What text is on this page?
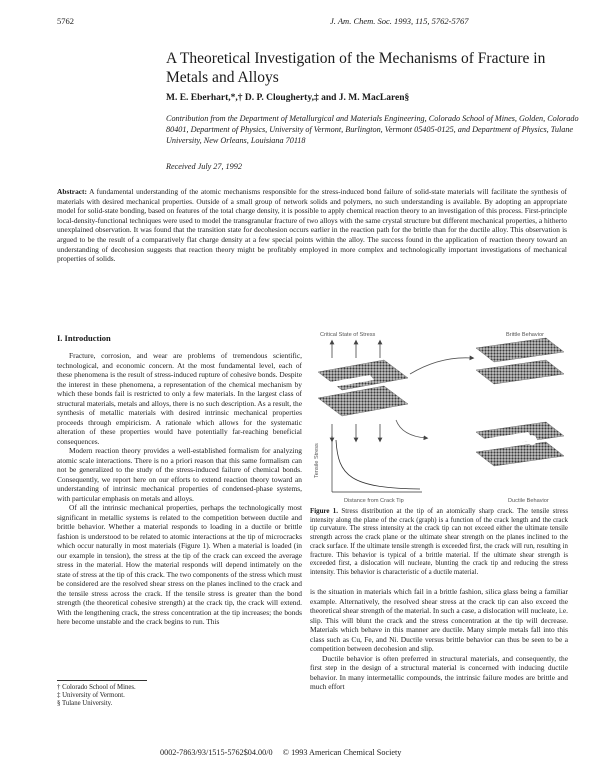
5762	J. Am. Chem. Soc. 1993, 115, 5762-5767
A Theoretical Investigation of the Mechanisms of Fracture in Metals and Alloys
M. E. Eberhart,*,† D. P. Clougherty,‡ and J. M. MacLaren§
Contribution from the Department of Metallurgical and Materials Engineering, Colorado School of Mines, Golden, Colorado 80401, Department of Physics, University of Vermont, Burlington, Vermont 05405-0125, and Department of Physics, Tulane University, New Orleans, Louisiana 70118
Received July 27, 1992
Abstract: A fundamental understanding of the atomic mechanisms responsible for the stress-induced bond failure of solid-state materials will facilitate the synthesis of materials with desired mechanical properties. Outside of a small group of network solids and polymers, no such understanding is available. By adopting an appropriate model for solid-state bonding, based on features of the total charge density, it is possible to apply chemical reaction theory to an investigation of this process. First-principle local-density-functional techniques were used to model the transgranular fracture of two alloys with the same crystal structure but different mechanical properties, a hitherto unexplained observation. It was found that the transition state for decohesion occurs earlier in the reaction path for the brittle than for the ductile alloy. This observation is argued to be the result of a comparatively flat charge density at a few special points within the alloy. The success found in the application of reaction theory toward an understanding of decohesion suggests that reaction theory might be profitably employed in more complex and technologically important investigations of mechanical properties of solids.
I. Introduction

Fracture, corrosion, and wear are problems of tremendous scientific, technological, and economic concern. At the most fundamental level, each of these phenomena is the result of stress-induced rupture of cohesive bonds. Despite the interest in these phenomena, a representation of the chemical mechanism by which these bonds fail is restricted to only a few materials. In the largest class of structural materials, metals and alloys, there is no such description. As a result, the synthesis of metallic materials with desired intrinsic mechanical properties proceeds through empiricism. A rationale which allows for the systematic alteration of these properties would have potentially far-reaching beneficial consequences.

Modern reaction theory provides a well-established formalism for analyzing atomic scale interactions. There is no a priori reason that this same formalism can not be generalized to the study of the stress-induced failure of chemical bonds. Consequently, we report here on our efforts to extend reaction theory toward an understanding of intrinsic mechanical properties of condensed-phase systems, with particular emphasis on metals and alloys.

Of all the intrinsic mechanical properties, perhaps the technologically most significant in metallic systems is related to the competition between ductile and brittle behavior. Whether a material responds to loading in a ductile or brittle fashion is understood to be related to atomic interactions at the tip of microcracks which occur naturally in most materials (Figure 1). When a material is loaded (in our example in tension), the stress at the tip of the crack can exceed the average stress in the material. How the material responds will depend intimately on the state of stress at the tip of this crack. The two components of the stress which must be considered are the resolved shear stress on the planes inclined to the crack and the tensile stress across the crack. If the tensile stress is greater than the bond strength (the theoretical cohesive strength) at the crack tip, the crack will extend. With the lengthening crack, the stress concentration at the tip increases; the bonds here become unstable and the crack begins to run. This

Critical State of Stress	Brittle Behavior
Tensile Stress
Distance from Crack Tip	Ductile Behavior
Figure 1. Stress distribution at the tip of an atomically sharp crack. The tensile stress intensity along the plane of the crack (graph) is a function of the crack length and the crack tip curvature. The stress intensity at the crack tip can not exceed either the ultimate tensile strength across the crack plane or the ultimate shear strength on the planes inclined to the crack surface. If the ultimate tensile strength is exceeded first, the crack will run, resulting in fracture. This behavior is typical of a brittle material. If the ultimate shear strength is exceeded first, a dislocation will nucleate, blunting the crack tip and reducing the stress intensity. This behavior is characteristic of a ductile material.

is the situation in materials which fail in a brittle fashion, silica glass being a familiar example. Alternatively, the resolved shear stress at the crack tip can also exceed the theoretical shear strength of the material. In such a case, a dislocation will nucleate, i.e. slip. This will blunt the crack and the stress concentration at the tip will decrease. Materials which behave in this manner are ductile. Many simple metals fall into this class such as Cu, Fe, and Ni. Ductile versus brittle behavior can thus be seen to be a competition between decohesion and slip.

Ductile behavior is often preferred in structural materials, and consequently, the first step in the design of a structural material is concerned with inducing ductile behavior. In many intermetallic compounds, the intrinsic failure modes are brittle and much effort

† Colorado School of Mines.
‡ University of Vermont.
§ Tulane University.
0002-7863/93/1515-5762$04.00/0     © 1993 American Chemical Society
